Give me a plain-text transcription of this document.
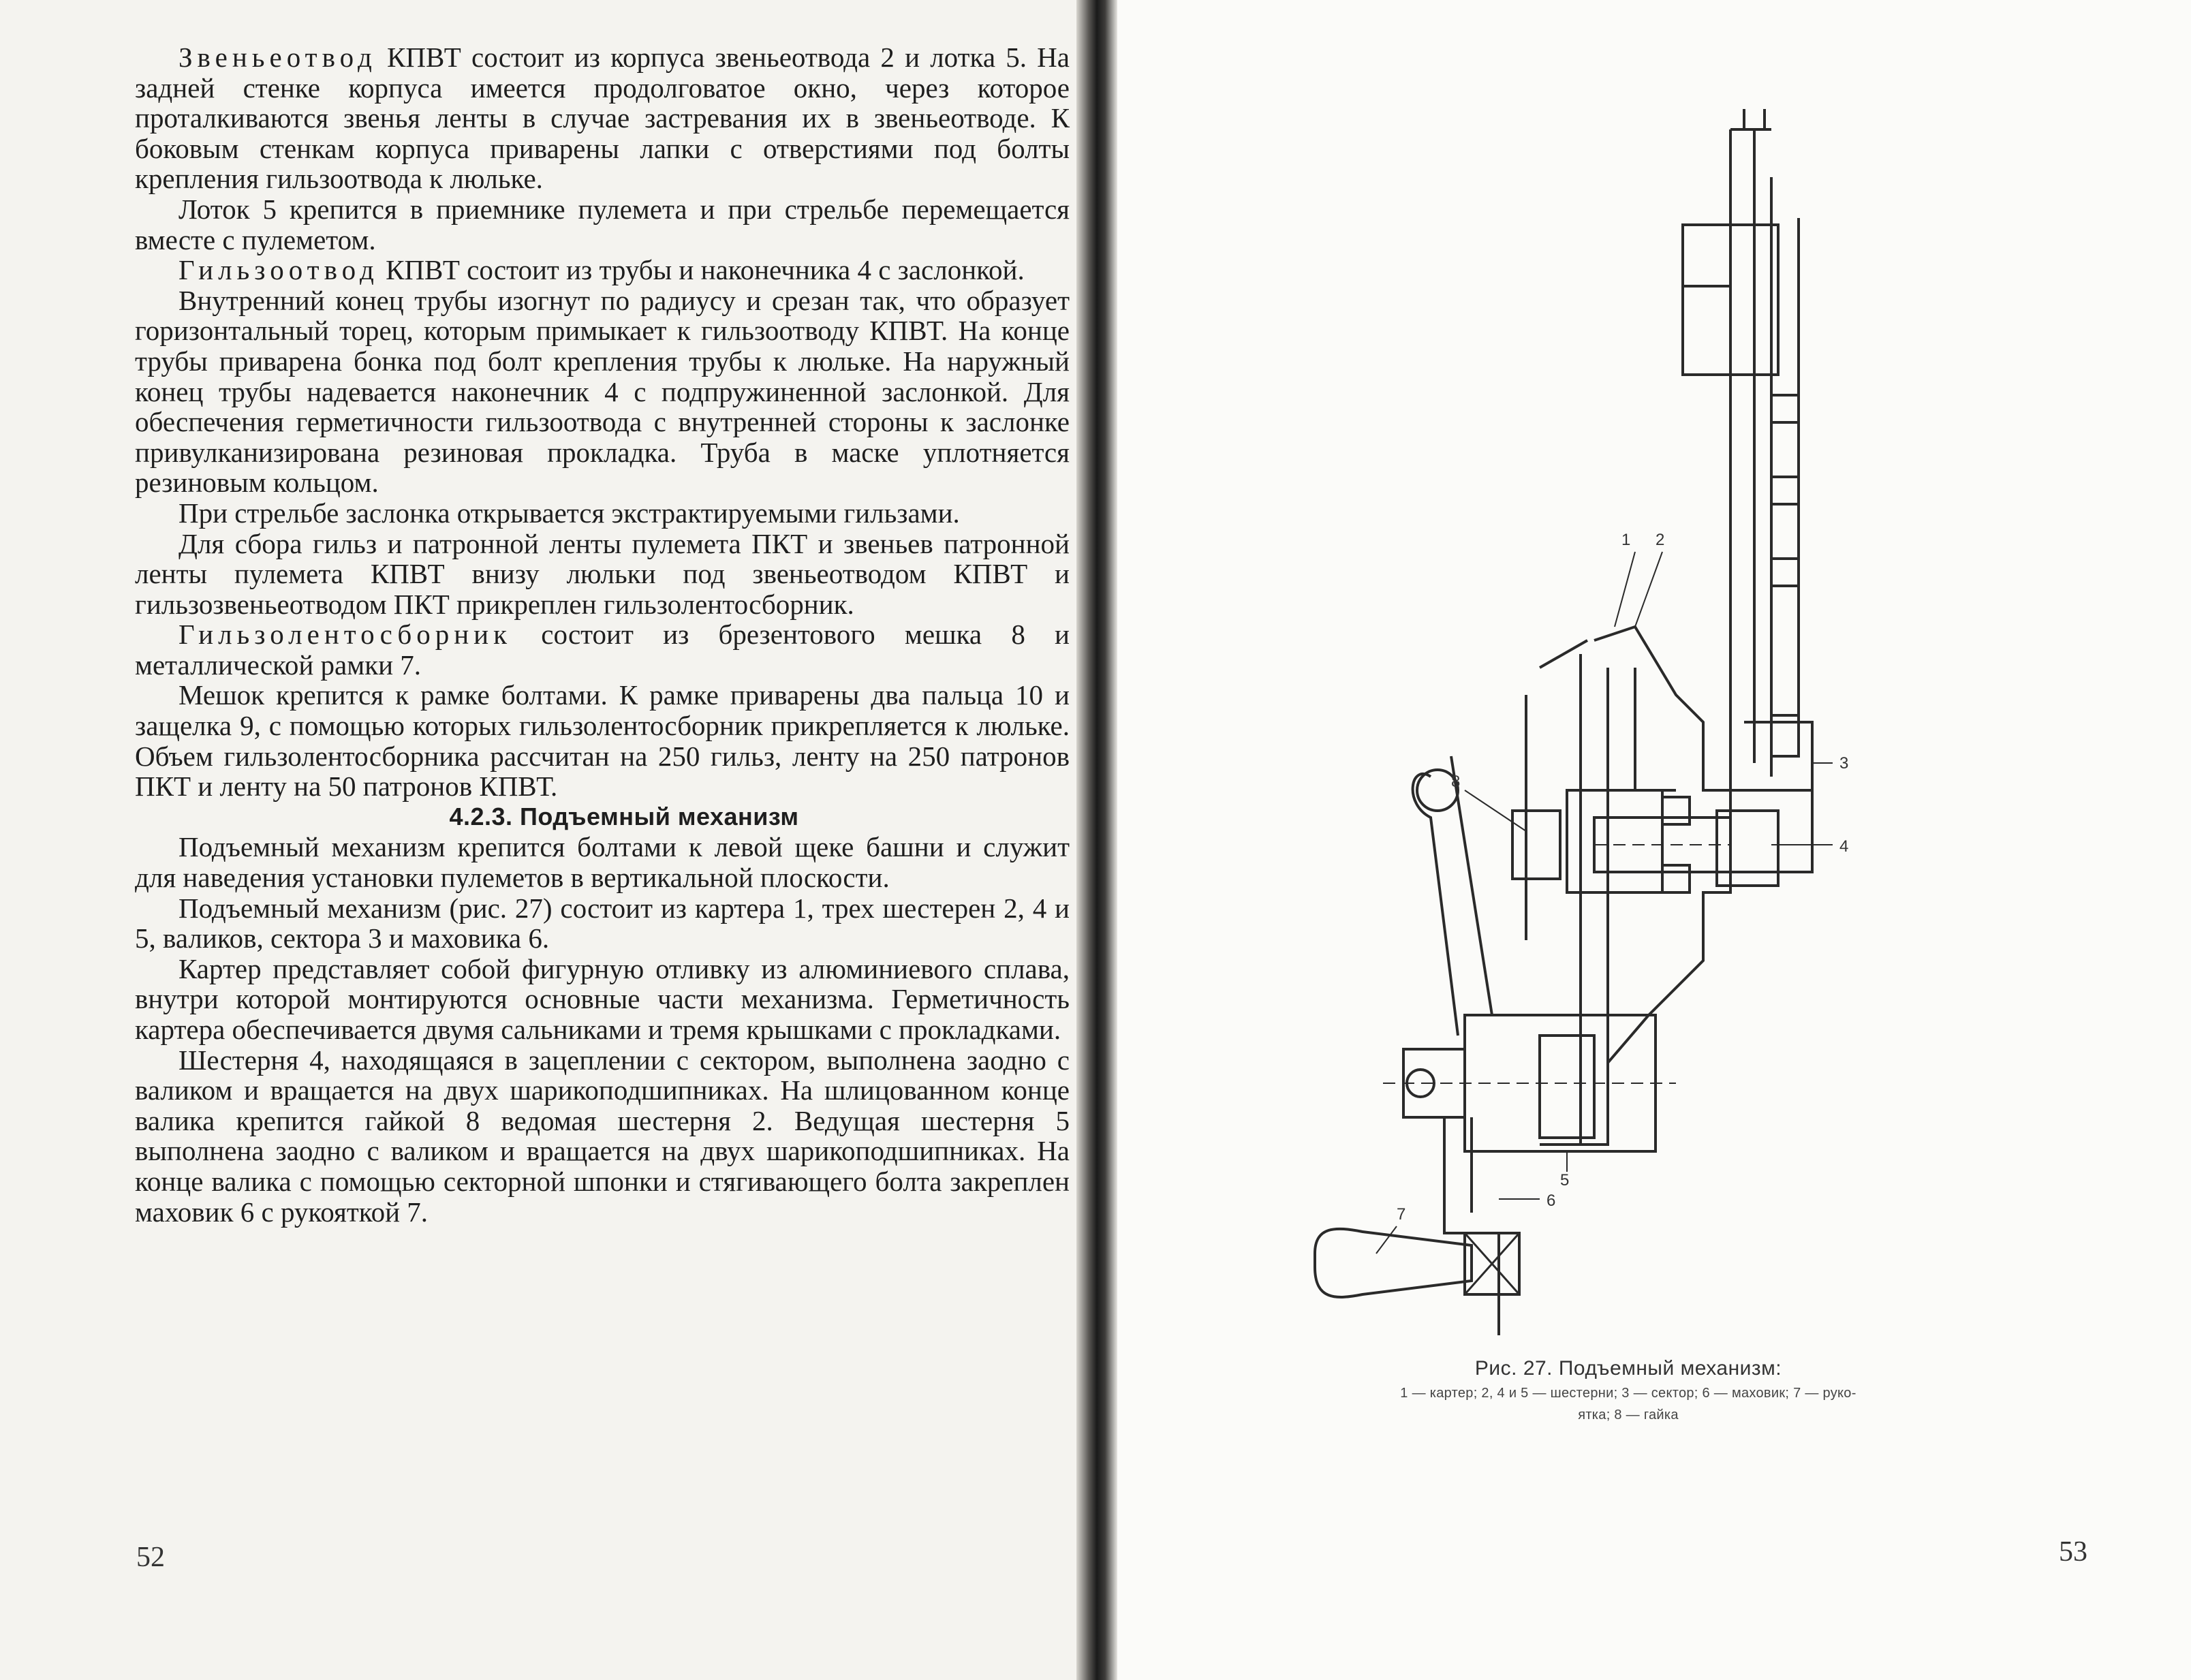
Звеньеотвод КПВТ состоит из корпуса звеньеотвода 2 и лотка 5. На задней стенке корпуса имеется продолговатое окно, через которое проталкиваются звенья ленты в случае застревания их в звеньеотводе. К боковым стенкам корпуса приварены лапки с отверстиями под болты крепления гильзоотвода к люльке.

Лоток 5 крепится в приемнике пулемета и при стрельбе перемещается вместе с пулеметом.

Гильзоотвод КПВТ состоит из трубы и наконечника 4 с заслонкой.

Внутренний конец трубы изогнут по радиусу и срезан так, что образует горизонтальный торец, которым примыкает к гильзоотводу КПВТ. На конце трубы приварена бонка под болт крепления трубы к люльке. На наружный конец трубы надевается наконечник 4 с подпружиненной заслонкой. Для обеспечения герметичности гильзоотвода с внутренней стороны к заслонке привулканизирована резиновая прокладка. Труба в маске уплотняется резиновым кольцом.

При стрельбе заслонка открывается экстрактируемыми гильзами.

Для сбора гильз и патронной ленты пулемета ПКТ и звеньев патронной ленты пулемета КПВТ внизу люльки под звеньеотводом КПВТ и гильзозвеньеотводом ПКТ прикреплен гильзолентосборник.

Гильзолентосборник состоит из брезентового мешка 8 и металлической рамки 7.

Мешок крепится к рамке болтами. К рамке приварены два пальца 10 и защелка 9, с помощью которых гильзолентосборник прикрепляется к люльке. Объем гильзолентосборника рассчитан на 250 гильз, ленту на 250 патронов ПКТ и ленту на 50 патронов КПВТ.

4.2.3. Подъемный механизм

Подъемный механизм крепится болтами к левой щеке башни и служит для наведения установки пулеметов в вертикальной плоскости.

Подъемный механизм (рис. 27) состоит из картера 1, трех шестерен 2, 4 и 5, валиков, сектора 3 и маховика 6.

Картер представляет собой фигурную отливку из алюминиевого сплава, внутри которой монтируются основные части механизма. Герметичность картера обеспечивается двумя сальниками и тремя крышками с прокладками.

Шестерня 4, находящаяся в зацеплении с сектором, выполнена заодно с валиком и вращается на двух шарикоподшипниках. На шлицованном конце валика крепится гайкой 8 ведомая шестерня 2. Ведущая шестерня 5 выполнена заодно с валиком и вращается на двух шарикоподшипниках. На конце валика с помощью секторной шпонки и стягивающего болта закреплен маховик 6 с рукояткой 7.

52
1 2
3
4
5
6
7
8
Рис. 27. Подъемный механизм:
1 — картер; 2, 4 и 5 — шестерни; 3 — сектор; 6 — маховик; 7 — руко-
ятка; 8 — гайка
53
